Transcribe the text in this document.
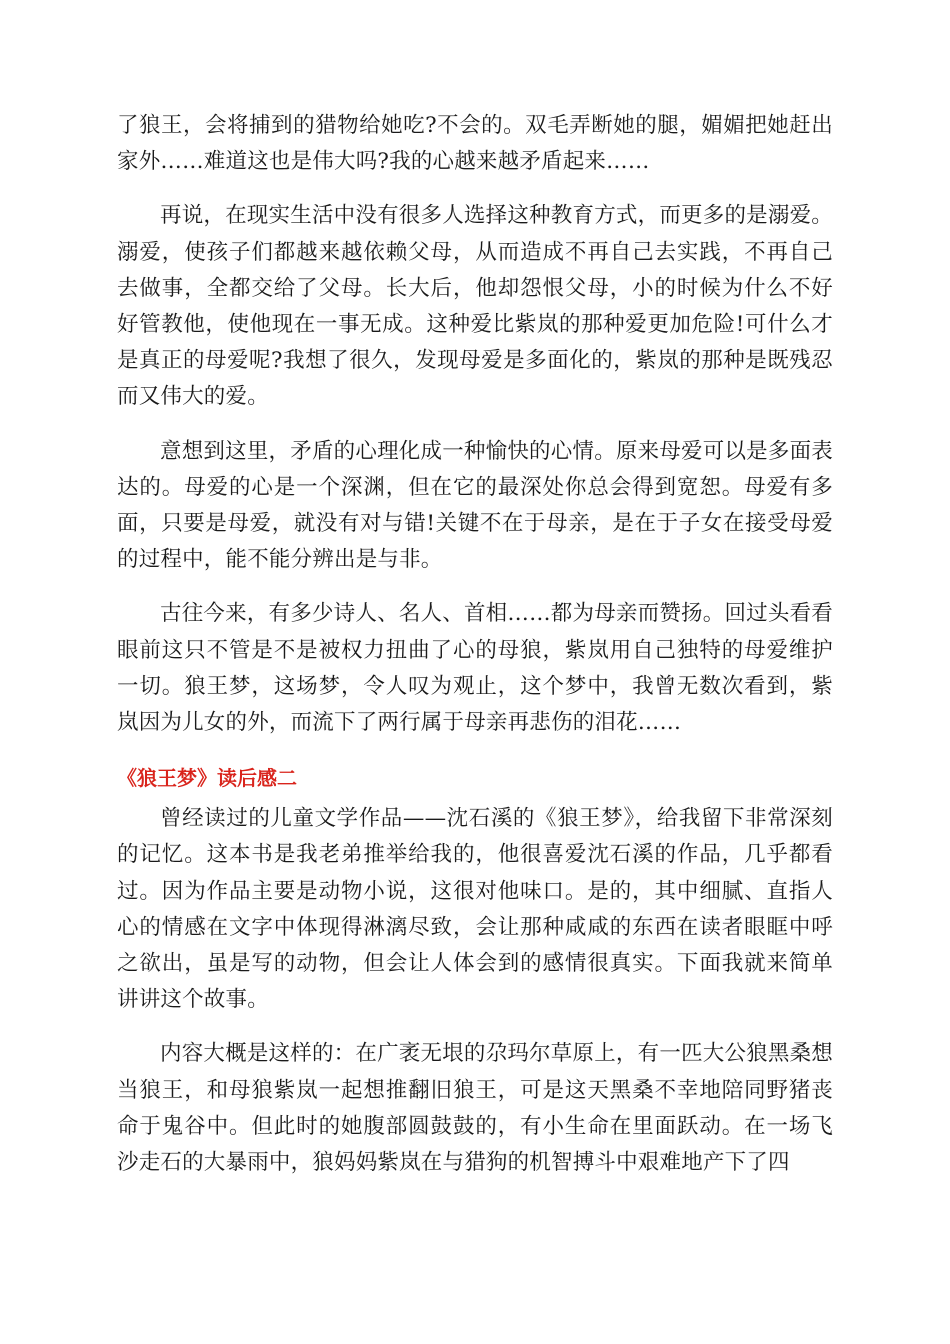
了狼王，会将捕到的猎物给她吃?不会的。双毛弄断她的腿，媚媚把她赶出家外……难道这也是伟大吗?我的心越来越矛盾起来……

再说，在现实生活中没有很多人选择这种教育方式，而更多的是溺爱。溺爱，使孩子们都越来越依赖父母，从而造成不再自己去实践，不再自己去做事，全都交给了父母。长大后，他却怨恨父母，小的时候为什么不好好管教他，使他现在一事无成。这种爱比紫岚的那种爱更加危险!可什么才是真正的母爱呢?我想了很久，发现母爱是多面化的，紫岚的那种是既残忍而又伟大的爱。

意想到这里，矛盾的心理化成一种愉快的心情。原来母爱可以是多面表达的。母爱的心是一个深渊，但在它的最深处你总会得到宽恕。母爱有多面，只要是母爱，就没有对与错!关键不在于母亲，是在于子女在接受母爱的过程中，能不能分辨出是与非。

古往今来，有多少诗人、名人、首相……都为母亲而赞扬。回过头看看眼前这只不管是不是被权力扭曲了心的母狼，紫岚用自己独特的母爱维护一切。狼王梦，这场梦，令人叹为观止，这个梦中，我曾无数次看到，紫岚因为儿女的外，而流下了两行属于母亲再悲伤的泪花……

《狼王梦》读后感二

曾经读过的儿童文学作品——沈石溪的《狼王梦》，给我留下非常深刻的记忆。这本书是我老弟推举给我的，他很喜爱沈石溪的作品，几乎都看过。因为作品主要是动物小说，这很对他味口。是的，其中细腻、直指人心的情感在文字中体现得淋漓尽致，会让那种咸咸的东西在读者眼眶中呼之欲出，虽是写的动物，但会让人体会到的感情很真实。下面我就来简单讲讲这个故事。

内容大概是这样的：在广袤无垠的尕玛尔草原上，有一匹大公狼黑桑想当狼王，和母狼紫岚一起想推翻旧狼王，可是这天黑桑不幸地陪同野猪丧命于鬼谷中。但此时的她腹部圆鼓鼓的，有小生命在里面跃动。在一场飞沙走石的大暴雨中，狼妈妈紫岚在与猎狗的机智搏斗中艰难地产下了四
